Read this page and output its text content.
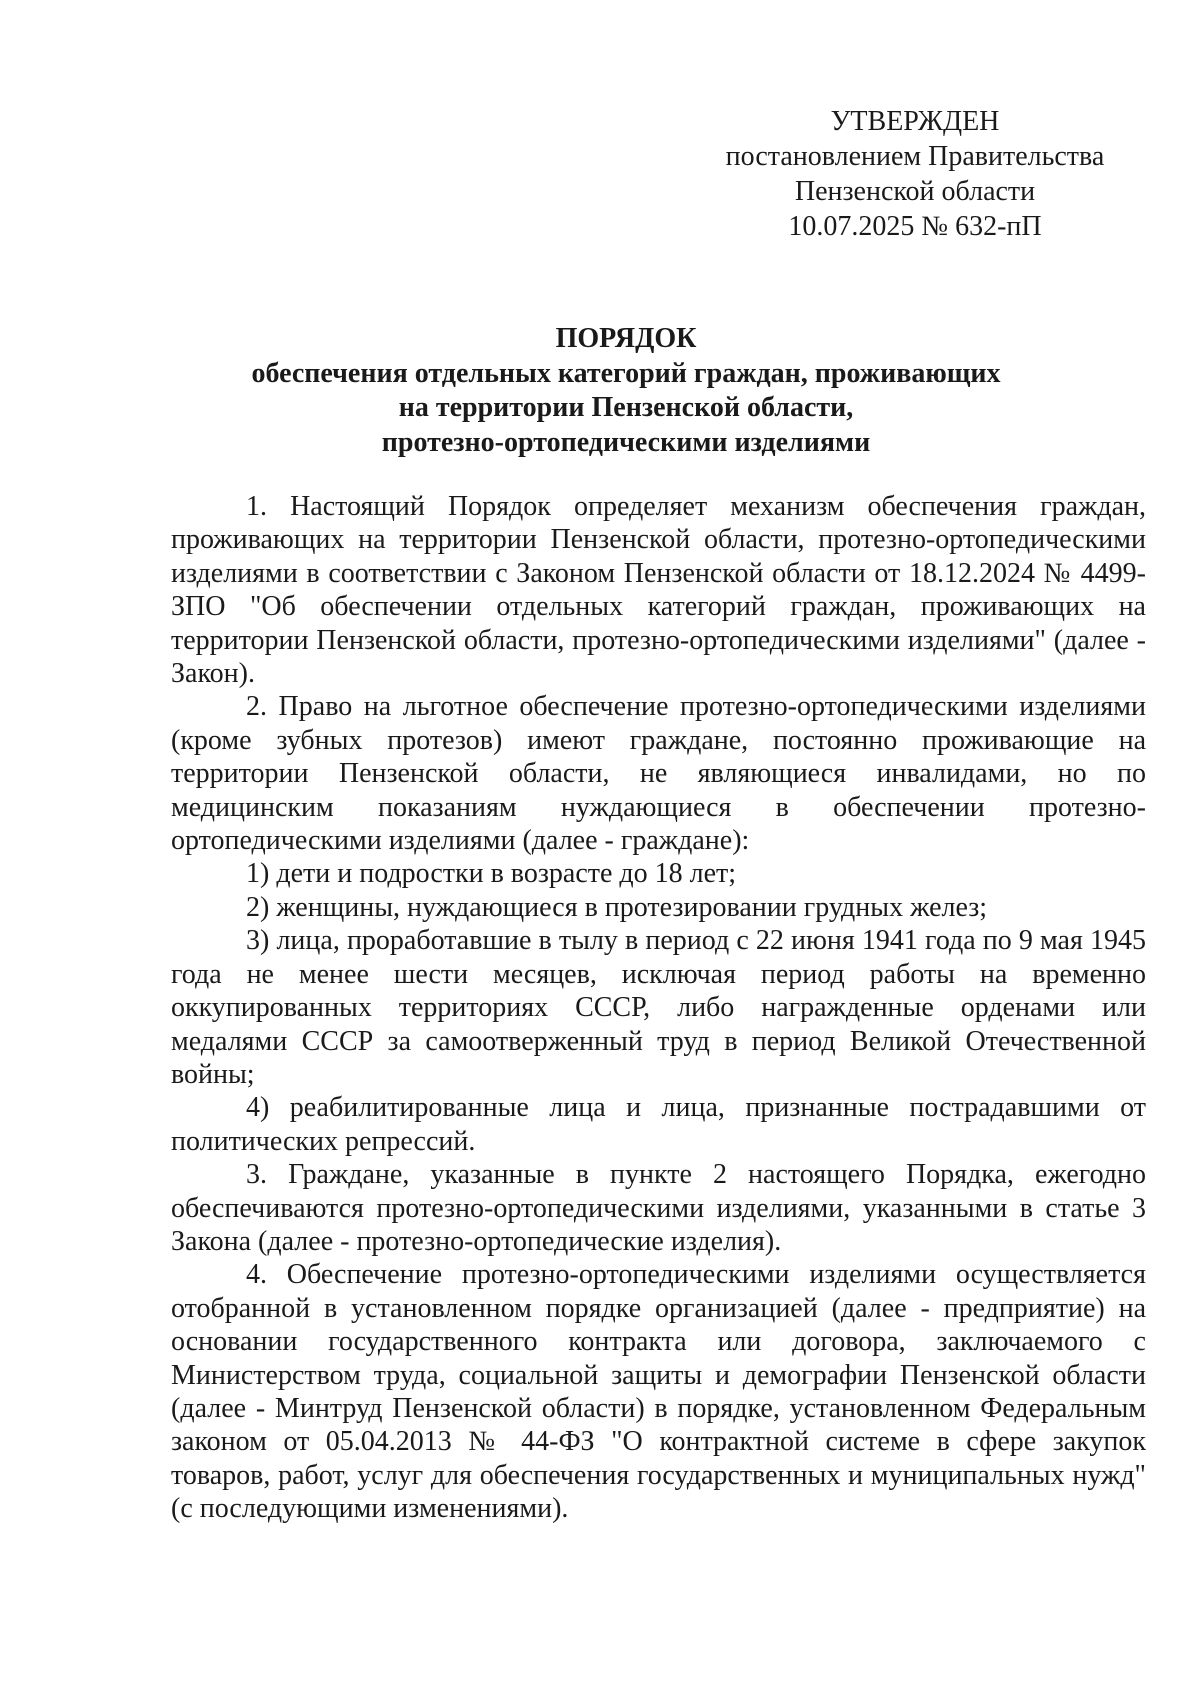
УТВЕРЖДЕН
постановлением Правительства
Пензенской области
10.07.2025 № 632-пП
ПОРЯДОК
обеспечения отдельных категорий граждан, проживающих
на территории Пензенской области,
протезно-ортопедическими изделиями

1. Настоящий Порядок определяет механизм обеспечения граждан, проживающих на территории Пензенской области, протезно-ортопедическими изделиями в соответствии с Законом Пензенской области от 18.12.2024 № 4499-ЗПО "Об обеспечении отдельных категорий граждан, проживающих на территории Пензенской области, протезно-ортопедическими изделиями" (далее - Закон).

2. Право на льготное обеспечение протезно-ортопедическими изделиями (кроме зубных протезов) имеют граждане, постоянно проживающие на территории Пензенской области, не являющиеся инвалидами, но по медицинским показаниям нуждающиеся в обеспечении протезно-ортопедическими изделиями (далее - граждане):

1) дети и подростки в возрасте до 18 лет;

2) женщины, нуждающиеся в протезировании грудных желез;

3) лица, проработавшие в тылу в период с 22 июня 1941 года по 9 мая 1945 года не менее шести месяцев, исключая период работы на временно оккупированных территориях СССР, либо награжденные орденами или медалями СССР за самоотверженный труд в период Великой Отечественной войны;

4) реабилитированные лица и лица, признанные пострадавшими от политических репрессий.

3. Граждане, указанные в пункте 2 настоящего Порядка, ежегодно обеспечиваются протезно-ортопедическими изделиями, указанными в статье 3 Закона (далее - протезно-ортопедические изделия).

4. Обеспечение протезно-ортопедическими изделиями осуществляется отобранной в установленном порядке организацией (далее - предприятие) на основании государственного контракта или договора, заключаемого с Министерством труда, социальной защиты и демографии Пензенской области (далее - Минтруд Пензенской области) в порядке, установленном Федеральным законом от 05.04.2013 № 44-ФЗ "О контрактной системе в сфере закупок товаров, работ, услуг для обеспечения государственных и муниципальных нужд" (с последующими изменениями).
